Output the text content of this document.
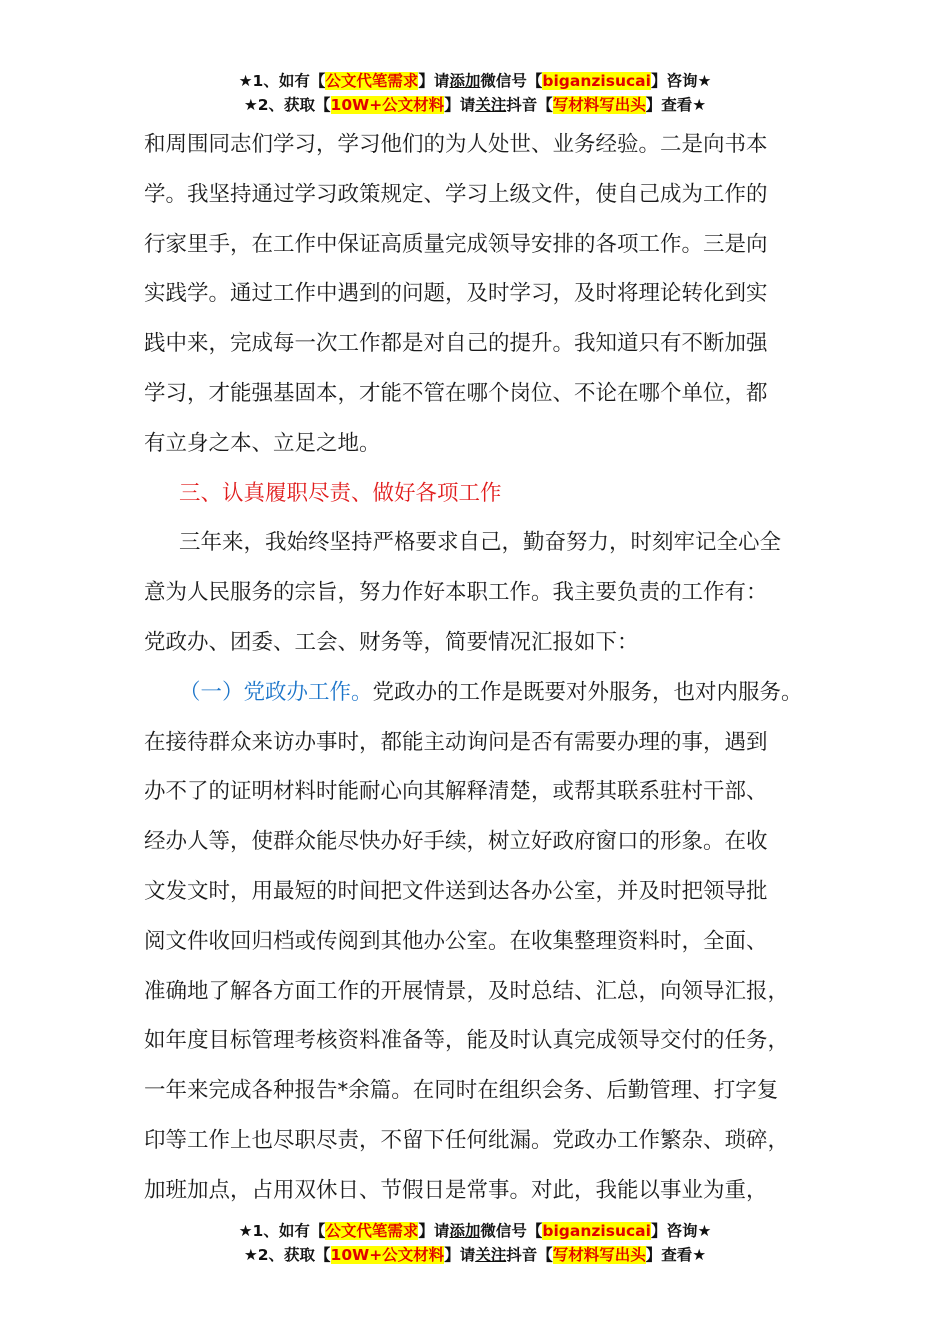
★1、如有【公文代笔需求】请添加微信号【biganzisucai】咨询★
★2、获取【10W+公文材料】请关注抖音【写材料写出头】查看★
和周围同志们学习，学习他们的为人处世、业务经验。二是向书本
学。我坚持通过学习政策规定、学习上级文件，使自己成为工作的
行家里手，在工作中保证高质量完成领导安排的各项工作。三是向
实践学。通过工作中遇到的问题，及时学习，及时将理论转化到实
践中来，完成每一次工作都是对自己的提升。我知道只有不断加强
学习，才能强基固本，才能不管在哪个岗位、不论在哪个单位，都
有立身之本、立足之地。
三、认真履职尽责、做好各项工作
三年来，我始终坚持严格要求自己，勤奋努力，时刻牢记全心全
意为人民服务的宗旨，努力作好本职工作。我主要负责的工作有：
党政办、团委、工会、财务等，简要情况汇报如下：
（一）党政办工作。党政办的工作是既要对外服务，也对内服务。
在接待群众来访办事时，都能主动询问是否有需要办理的事，遇到
办不了的证明材料时能耐心向其解释清楚，或帮其联系驻村干部、
经办人等，使群众能尽快办好手续，树立好政府窗口的形象。在收
文发文时，用最短的时间把文件送到达各办公室，并及时把领导批
阅文件收回归档或传阅到其他办公室。在收集整理资料时，全面、
准确地了解各方面工作的开展情景，及时总结、汇总，向领导汇报，
如年度目标管理考核资料准备等，能及时认真完成领导交付的任务，
一年来完成各种报告*余篇。在同时在组织会务、后勤管理、打字复
印等工作上也尽职尽责，不留下任何纰漏。党政办工作繁杂、琐碎，
加班加点，占用双休日、节假日是常事。对此，我能以事业为重，
★1、如有【公文代笔需求】请添加微信号【biganzisucai】咨询★
★2、获取【10W+公文材料】请关注抖音【写材料写出头】查看★
